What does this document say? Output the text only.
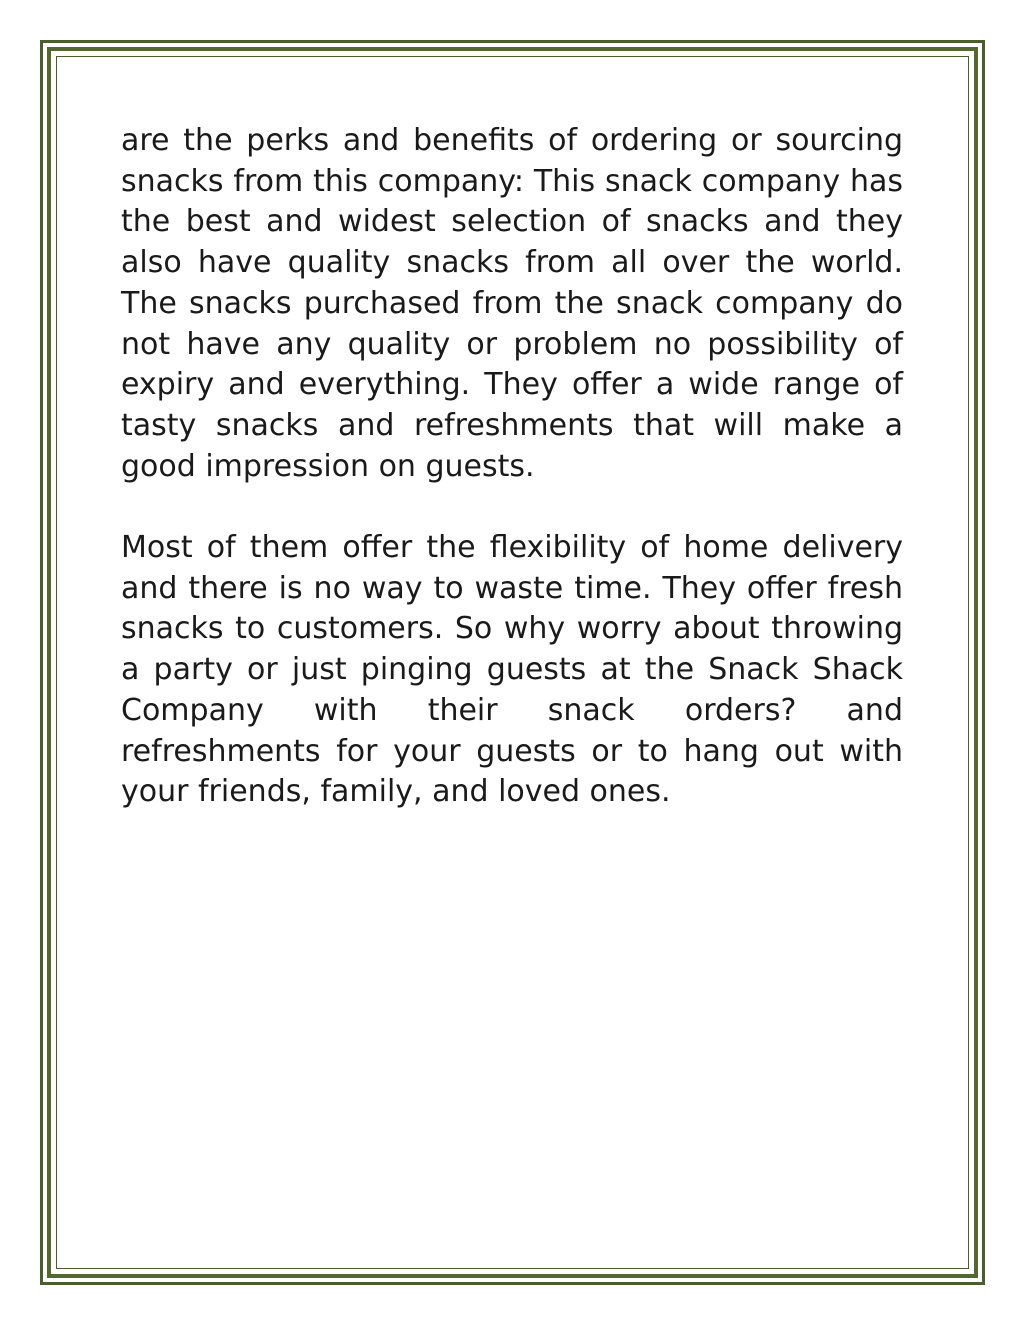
are the perks and benefits of ordering or sourcing snacks from this company: This snack company has the best and widest selection of snacks and they also have quality snacks from all over the world. The snacks purchased from the snack company do not have any quality or problem no possibility of expiry and everything. They offer a wide range of tasty snacks and refreshments that will make a good impression on guests.

Most of them offer the flexibility of home delivery and there is no way to waste time. They offer fresh snacks to customers. So why worry about throwing a party or just pinging guests at the Snack Shack Company with their snack orders? and refreshments for your guests or to hang out with your friends, family, and loved ones.
